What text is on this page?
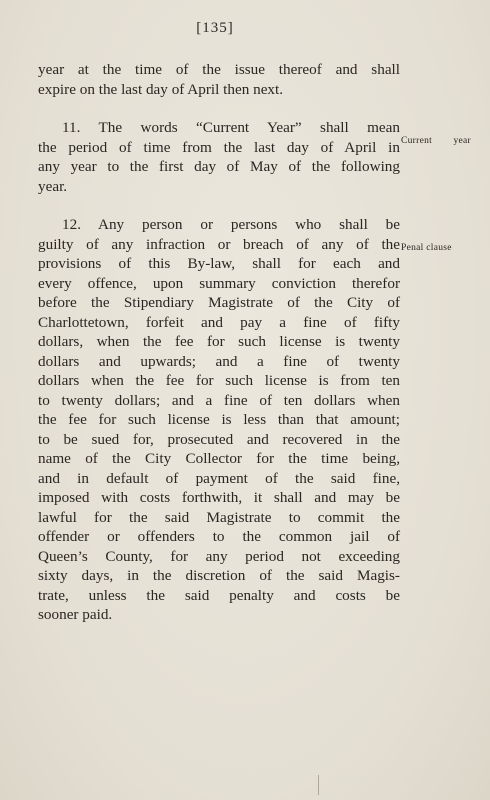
[135]
year at the time of the issue thereof and shall
expire on the last day of April then next.
11. The words “Current Year” shall mean
the period of time from the last day of April in
any year to the first day of May of the following
year.
12. Any person or persons who shall be
guilty of any infraction or breach of any of the
provisions of this By-law, shall for each and
every offence, upon summary conviction therefor
before the Stipendiary Magistrate of the City of
Charlottetown, forfeit and pay a fine of fifty
dollars, when the fee for such license is twenty
dollars and upwards; and a fine of twenty
dollars when the fee for such license is from ten
to twenty dollars; and a fine of ten dollars when
the fee for such license is less than that amount;
to be sued for, prosecuted and recovered in the
name of the City Collector for the time being,
and in default of payment of the said fine,
imposed with costs forthwith, it shall and may be
lawful for the said Magistrate to commit the
offender or offenders to the common jail of
Queen’s County, for any period not exceeding
sixty days, in the discretion of the said Magis-
trate, unless the said penalty and costs be
sooner paid.
Current year
Penal clause
